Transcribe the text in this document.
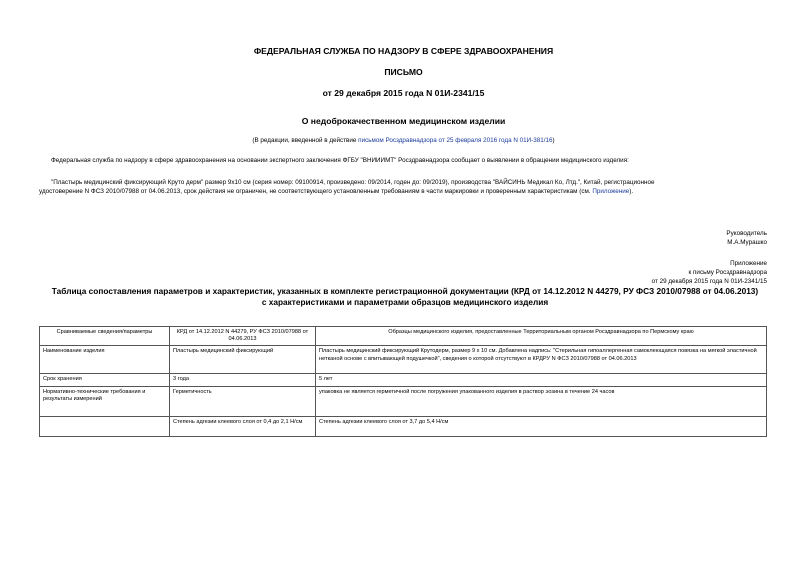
ФЕДЕРАЛЬНАЯ СЛУЖБА ПО НАДЗОРУ В СФЕРЕ ЗДРАВООХРАНЕНИЯ
ПИСЬМО
от 29 декабря 2015 года N 01И-2341/15
О недоброкачественном медицинском изделии
(В редакции, введенной в действие письмом Росздравнадзора от 25 февраля 2016 года N 01И-381/16)
Федеральная служба по надзору в сфере здравоохранения на основании экспертного заключения ФГБУ "ВНИИИМТ" Росздравнадзора сообщает о выявлении в обращении медицинского изделия:
"Пластырь медицинский фиксирующий Круто дерм" размер 9х10 см (серия номер: 09100914, произведено: 09/2014, годен до: 09/2019), производства "ВАЙСИНЬ Медикал Ко, Лтд.", Китай, регистрационное
удостоверение N ФСЗ 2010/07988 от 04.06.2013, срок действия не ограничен, не соответствующего установленным требованиям в части маркировки и проверенным характеристикам (см. Приложение).
Руководитель
М.А.Мурашко
Приложение
к письму Росздравнадзора
от 29 декабря 2015 года N 01И-2341/15
Таблица сопоставления параметров и характеристик, указанных в комплекте регистрационной документации (КРД от 14.12.2012 N 44279, РУ ФСЗ 2010/07988 от 04.06.2013) с характеристиками и параметрами образцов медицинского изделия
Сравниваемые сведения/параметры	КРД от 14.12.2012 N 44279, РУ ФСЗ 2010/07988 от 04.06.2013	Образцы медицинского изделия, предоставленные Территориальным органом Росздравнадзора по Пермскому краю
Наименование изделия	Пластырь медицинский фиксирующий	Пластырь медицинский фиксирующий Крутодерм, размер 9 х 10 см. Добавлена надпись: "Стерильная гипоаллергенная самоклеющаяся повязка на мягкой эластичной нетканой основе с впитывающей подушечкой", сведения о которой отсутствуют в КРДРУ N ФСЗ 2010/07988 от 04.06.2013
Срок хранения	3 года	5 лет
Нормативно-технические требования и результаты измерений	Герметичность	упаковка не является герметичной после погружения упакованного изделия в раствор эозина в течение 24 часов
	Степень адгезии клеевого слоя от 0,4 до 2,1 Н/см	Степень адгезии клеевого слоя от 3,7 до 5,4 Н/см
